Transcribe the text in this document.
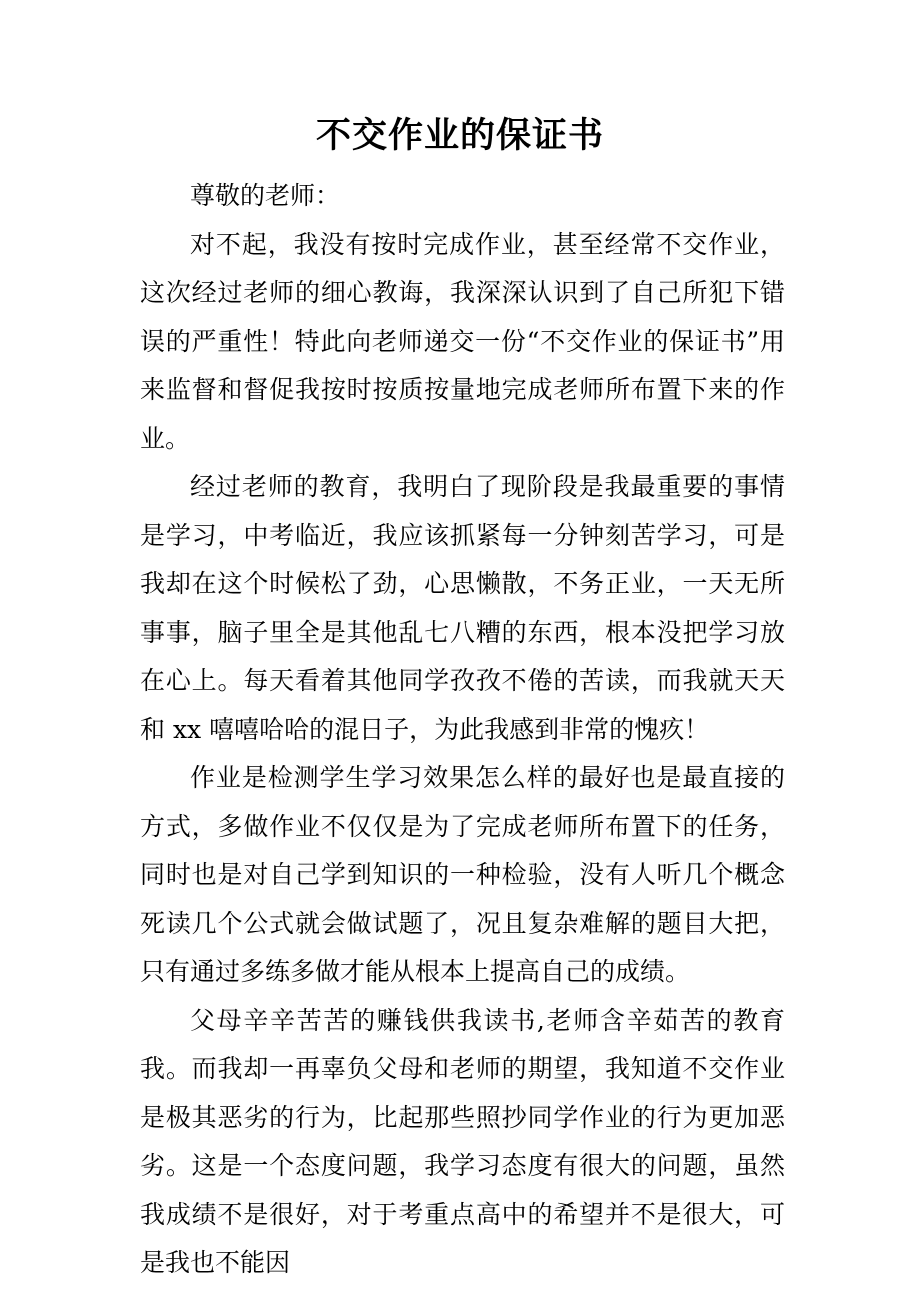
不交作业的保证书

尊敬的老师：

对不起，我没有按时完成作业，甚至经常不交作业，这次经过老师的细心教诲，我深深认识到了自己所犯下错误的严重性！特此向老师递交一份“不交作业的保证书”用来监督和督促我按时按质按量地完成老师所布置下来的作业。

经过老师的教育，我明白了现阶段是我最重要的事情是学习，中考临近，我应该抓紧每一分钟刻苦学习，可是我却在这个时候松了劲，心思懒散，不务正业，一天无所事事，脑子里全是其他乱七八糟的东西，根本没把学习放在心上。每天看着其他同学孜孜不倦的苦读，而我就天天和 xx 嘻嘻哈哈的混日子，为此我感到非常的愧疚！

作业是检测学生学习效果怎么样的最好也是最直接的方式，多做作业不仅仅是为了完成老师所布置下的任务，同时也是对自己学到知识的一种检验，没有人听几个概念死读几个公式就会做试题了，况且复杂难解的题目大把，只有通过多练多做才能从根本上提高自己的成绩。

父母辛辛苦苦的赚钱供我读书,老师含辛茹苦的教育我。而我却一再辜负父母和老师的期望，我知道不交作业是极其恶劣的行为，比起那些照抄同学作业的行为更加恶劣。这是一个态度问题，我学习态度有很大的问题，虽然我成绩不是很好，对于考重点高中的希望并不是很大，可是我也不能因
